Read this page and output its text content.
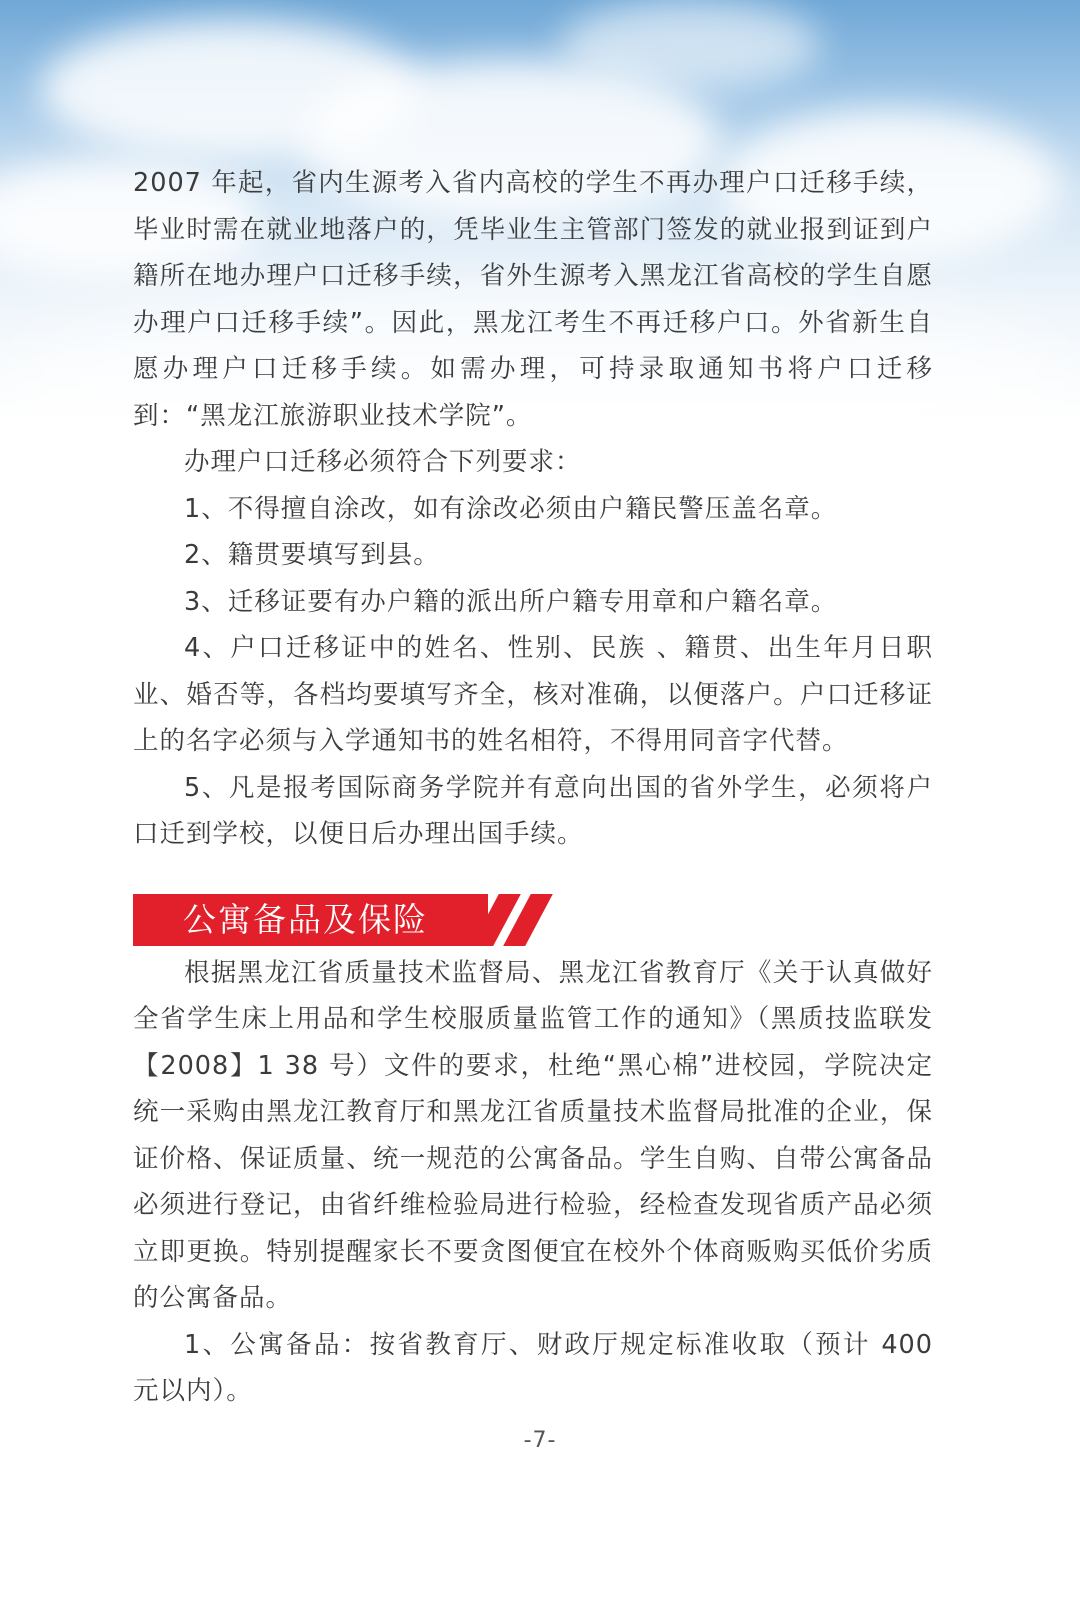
2007 年起，省内生源考入省内高校的学生不再办理户口迁移手续，毕业时需在就业地落户的，凭毕业生主管部门签发的就业报到证到户籍所在地办理户口迁移手续，省外生源考入黑龙江省高校的学生自愿办理户口迁移手续”。因此，黑龙江考生不再迁移户口。外省新生自愿办理户口迁移手续。如需办理，可持录取通知书将户口迁移到：“黑龙江旅游职业技术学院”。

办理户口迁移必须符合下列要求：

1、不得擅自涂改，如有涂改必须由户籍民警压盖名章。

2、籍贯要填写到县。

3、迁移证要有办户籍的派出所户籍专用章和户籍名章。

4、户口迁移证中的姓名、性别、民族 、籍贯、出生年月日职业、婚否等，各档均要填写齐全，核对准确，以便落户。户口迁移证上的名字必须与入学通知书的姓名相符，不得用同音字代替。

5、凡是报考国际商务学院并有意向出国的省外学生，必须将户口迁到学校，以便日后办理出国手续。

公寓备品及保险

根据黑龙江省质量技术监督局、黑龙江省教育厅《关于认真做好全省学生床上用品和学生校服质量监管工作的通知》（黑质技监联发【2008】1 38 号）文件的要求，杜绝“黑心棉”进校园，学院决定统一采购由黑龙江教育厅和黑龙江省质量技术监督局批准的企业，保证价格、保证质量、统一规范的公寓备品。学生自购、自带公寓备品必须进行登记，由省纤维检验局进行检验，经检查发现省质产品必须立即更换。特别提醒家长不要贪图便宜在校外个体商贩购买低价劣质的公寓备品。

1、公寓备品：按省教育厅、财政厅规定标准收取（预计 400 元以内）。

-7-
